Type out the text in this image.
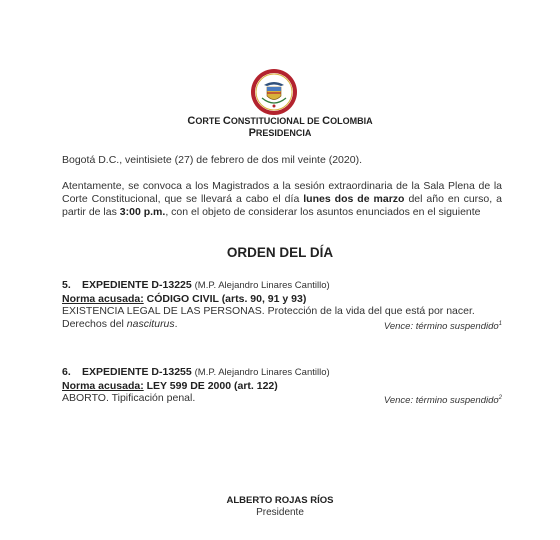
CORTE CONSTITUCIONAL DE COLOMBIA
PRESIDENCIA
Bogotá D.C., veintisiete (27) de febrero de dos mil veinte (2020).
Atentamente, se convoca a los Magistrados a la sesión extraordinaria de la Sala Plena de la Corte Constitucional, que se llevará a cabo el día lunes dos de marzo del año en curso, a partir de las 3:00 p.m., con el objeto de considerar los asuntos enunciados en el siguiente
ORDEN DEL DÍA
5. EXPEDIENTE D-13225 (M.P. Alejandro Linares Cantillo)
Norma acusada: CÓDIGO CIVIL (arts. 90, 91 y 93)
EXISTENCIA LEGAL DE LAS PERSONAS. Protección de la vida del que está por nacer.
Derechos del nasciturus.	Vence: término suspendido$^1$
6. EXPEDIENTE D-13255 (M.P. Alejandro Linares Cantillo)
Norma acusada: LEY 599 DE 2000 (art. 122)
ABORTO. Tipificación penal.	Vence: término suspendido$^2$
ALBERTO ROJAS RÍOS
Presidente
